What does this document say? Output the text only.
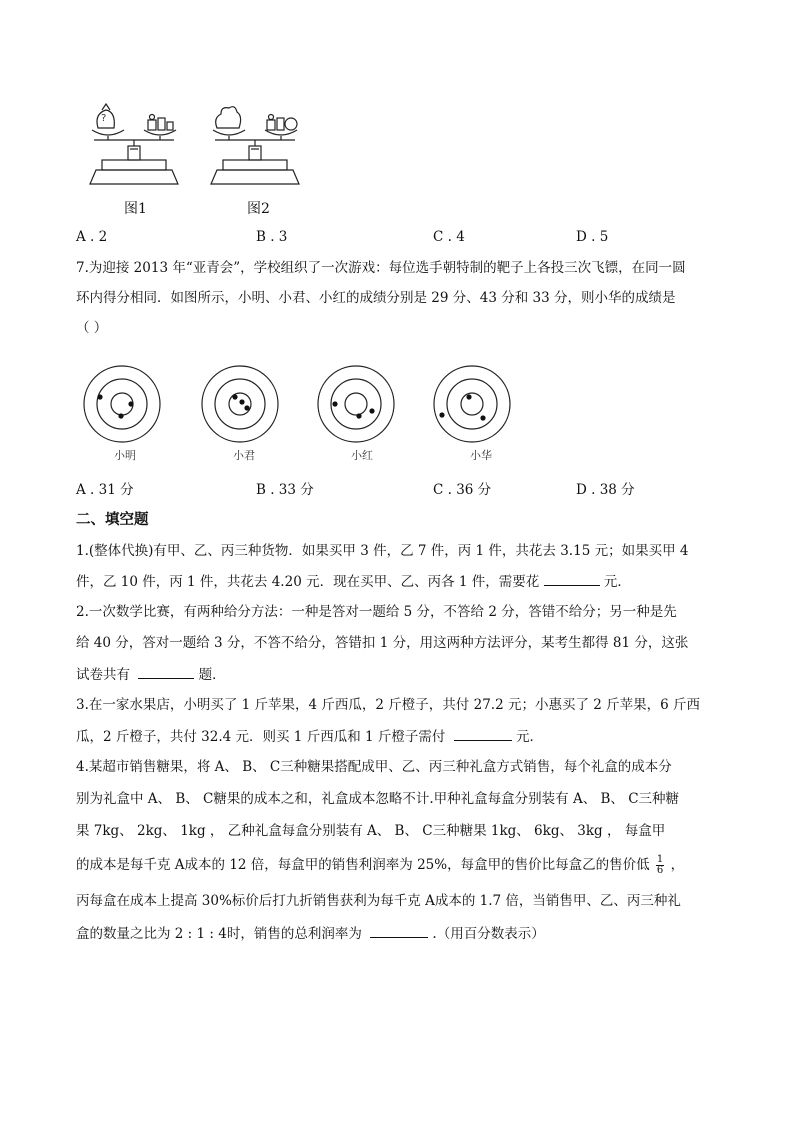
?
图1	图2
A . 2	B . 3	C . 4	D . 5
7.为迎接 2013 年“亚青会”，学校组织了一次游戏：每位选手朝特制的靶子上各投三次飞镖，在同一圆
环内得分相同．如图所示，小明、小君、小红的成绩分别是 29 分、43 分和 33 分，则小华的成绩是
（ ）
小明	小君	小红	小华
A . 31 分	B . 33 分	C . 36 分	D . 38 分
二、填空题
1.(整体代换)有甲、乙、丙三种货物．如果买甲 3 件，乙 7 件，丙 1 件，共花去 3.15 元；如果买甲 4
件，乙 10 件，丙 1 件，共花去 4.20 元．现在买甲、乙、丙各 1 件，需要花	元．
2.一次数学比赛，有两种给分方法：一种是答对一题给 5 分，不答给 2 分，答错不给分；另一种是先
给 40 分，答对一题给 3 分，不答不给分，答错扣 1 分，用这两种方法评分，某考生都得 81 分，这张
试卷共有	题．
3.在一家水果店，小明买了 1 斤苹果，4 斤西瓜，2 斤橙子，共付 27.2 元；小惠买了 2 斤苹果，6 斤西
瓜，2 斤橙子，共付 32.4 元．则买 1 斤西瓜和 1 斤橙子需付	元．
4.某超市销售糖果，将 A、 B、 C三种糖果搭配成甲、乙、丙三种礼盒方式销售，每个礼盒的成本分
别为礼盒中 A、 B、 C糖果的成本之和，礼盒成本忽略不计.甲种礼盒每盒分别装有 A、 B、 C三种糖
果 7kg、 2kg、 1kg ， 乙种礼盒每盒分别装有 A、 B、 C三种糖果 1kg、 6kg、 3kg ， 每盒甲
的成本是每千克 A成本的 12 倍，每盒甲的销售利润率为 25%，每盒甲的售价比每盒乙的售价低 $\frac{1}{6}$ ，
丙每盒在成本上提高 30%标价后打九折销售获利为每千克 A成本的 1.7 倍，当销售甲、乙、丙三种礼
盒的数量之比为 2 : 1 : 4时，销售的总利润率为	.（用百分数表示）
